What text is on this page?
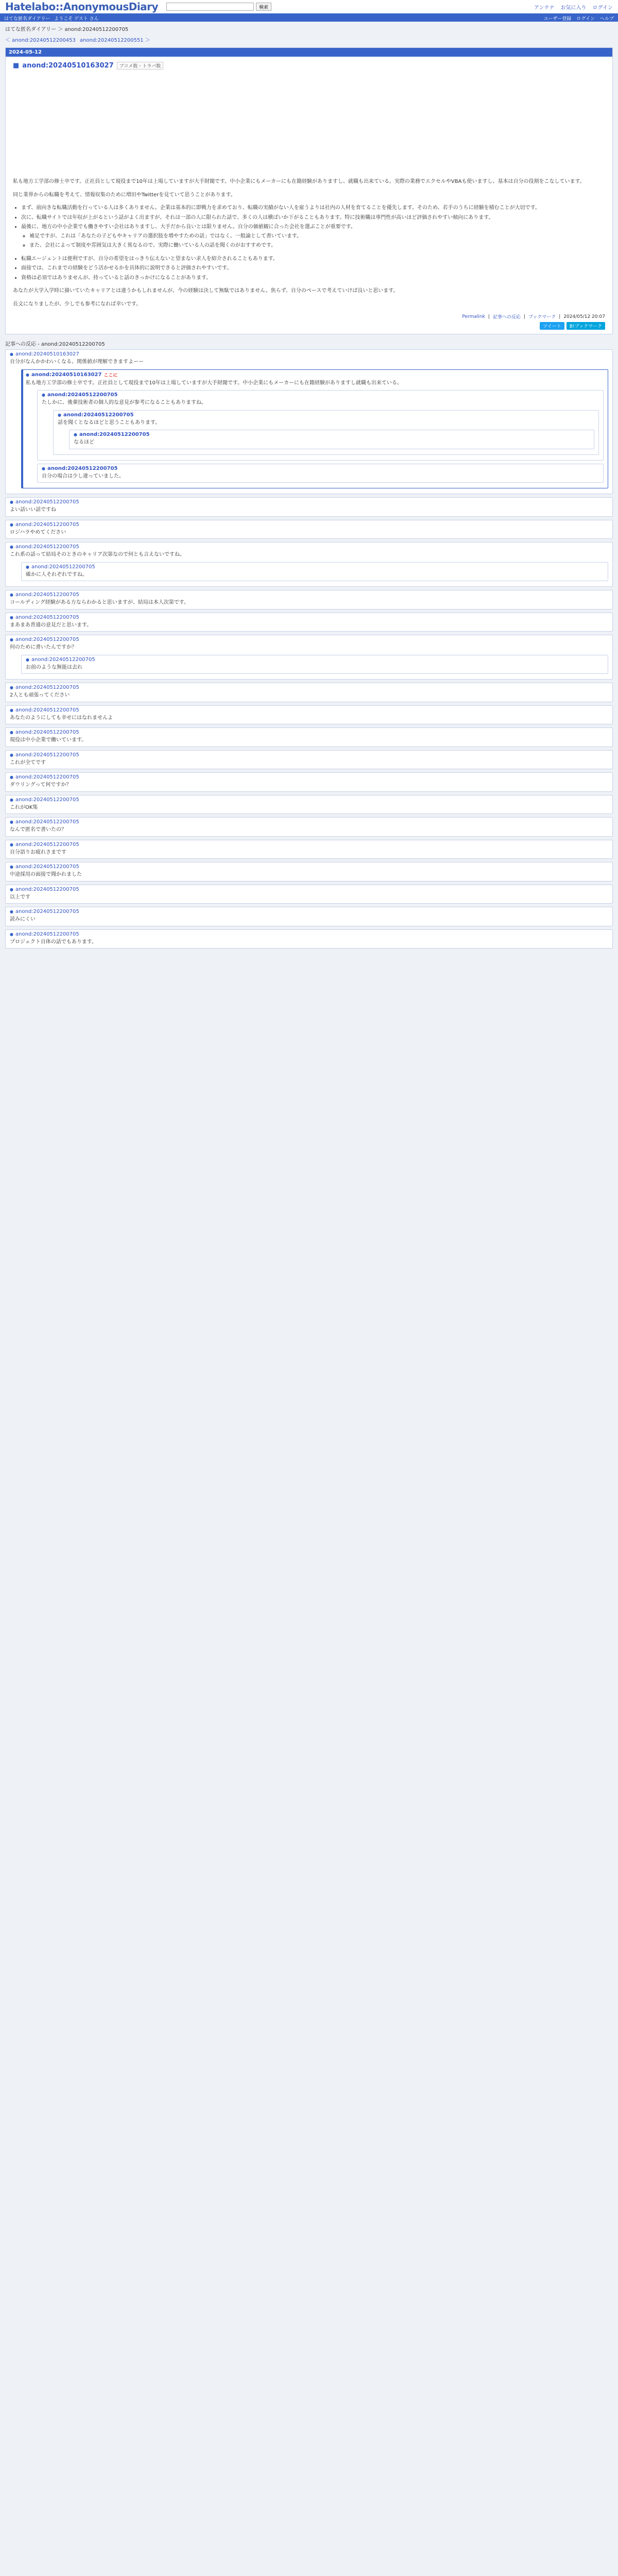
Hatelabo::AnonymousDiary	検索	アンテナ お気に入り ログイン
はてな匿名ダイアリー ようこそ ゲスト さん	ユーザー登録 ログイン ヘルプ
はてな匿名ダイアリー ＞ anond:20240512200705
＜ anond:20240512200453 anond:20240512200551 ＞
2024-05-12
■ anond:20240510163027	ブコメ数・トラバ数

私も地方工学部の修士卒です。正社員として現役まで10年は上場していますが大手財閥です。中小企業にもメーカーにも在籍経験がありますし、就職も出来ている。実際の業務でエクセルやVBAも使いますし、基本は自分の役割をこなしています。

同じ業界からの転職を考えて、情報収集のために増田やTwitterを見ていて思うことがあります。

• まず、前向きな転職活動を行っている人は多くありません。企業は基本的に即戦力を求めており、転職の実績がない人を雇うよりは社内の人材を育てることを優先します。そのため、若手のうちに経験を積むことが大切です。
• 次に、転職サイトでは年収が上がるという話がよく出ますが、それは一部の人に限られた話で、多くの人は横ばいか下がることもあります。特に技術職は専門性が高いほど評価されやすい傾向にあります。
• 最後に、地方の中小企業でも働きやすい会社はありますし、大手だから良いとは限りません。自分の価値観に合った会社を選ぶことが重要です。
◦ 補足ですが、これは「あなたの子どもやキャリアの選択肢を増やすための話」ではなく、一般論として書いています。
◦ また、会社によって制度や雰囲気は大きく異なるので、実際に働いている人の話を聞くのがおすすめです。
• 転職エージェントは便利ですが、自分の希望をはっきり伝えないと望まない求人を紹介されることもあります。
• 面接では、これまでの経験をどう活かせるかを具体的に説明できると評価されやすいです。
• 資格は必須ではありませんが、持っていると話のきっかけになることがあります。

あなたが大学入学時に描いていたキャリアとは違うかもしれませんが、今の経験は決して無駄ではありません。焦らず、自分のペースで考えていけば良いと思います。

長文になりましたが、少しでも参考になれば幸いです。

Permalink | 記事への反応 | ブックマーク | 2024/05/12 20:07
ツイート	B!ブックマーク
記事への反応 - anond:20240512200705
● anond:20240510163027
自分がなんかかわいくなる、関係値が理解できますよーー
● anond:20240510163027 ここに
私も地方工学部の修士卒です。正社員として現役まで10年は上場していますが大手財閥です。中小企業にもメーカーにも在籍経験がありますし就職も出来ている。
● anond:20240512200705
たしかに、後輩技術者の個人的な意見が参考になることもありますね。
● anond:20240512200705
話を聞くとなるほどと思うこともあります。
● anond:20240512200705
なるほど
● anond:20240512200705
自分の場合は少し違っていました。
● anond:20240512200705
よい話いい話ですね
● anond:20240512200705
ロジハラやめてください
● anond:20240512200705
これ系の話って結局そのときのキャリア次第なので何とも言えないですね。
● anond:20240512200705
確かに人それぞれですね。
● anond:20240512200705
コールディング経験がある方ならわかると思いますが、結局は本人次第です。
● anond:20240512200705
まあまあ普通の意見だと思います。
● anond:20240512200705
何のために書いたんですか？
● anond:20240512200705
お前のような無能は去れ
● anond:20240512200705
2人とも頑張ってください
● anond:20240512200705
あなたのようにしても幸せにはなれませんよ
● anond:20240512200705
現役は中小企業で働いています。
● anond:20240512200705
これが全てです
● anond:20240512200705
ダウリングって何ですか？
● anond:20240512200705
これがOK集
● anond:20240512200705
なんで匿名で書いたの？
● anond:20240512200705
自分語りお疲れさまです
● anond:20240512200705
中途採用の面接で聞かれました
● anond:20240512200705
以上です
● anond:20240512200705
読みにくい
● anond:20240512200705
プロジェクト自体の話でもあります。
